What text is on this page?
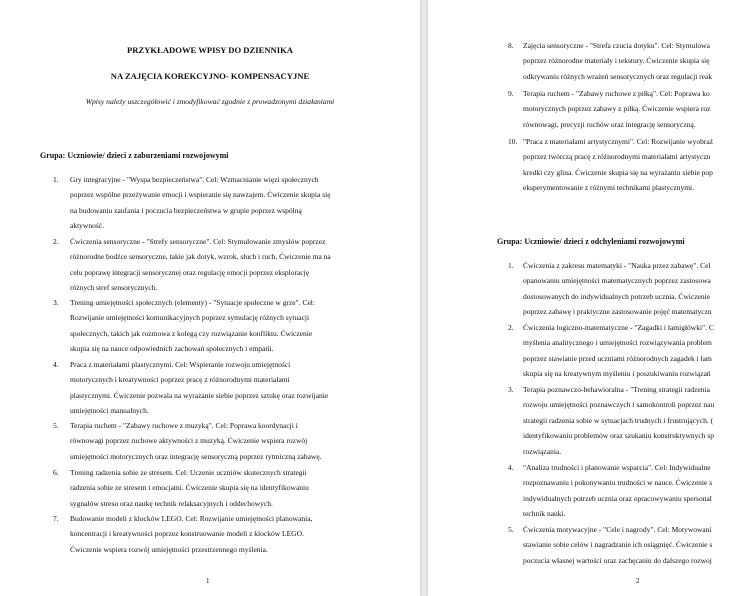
PRZYKŁADOWE WPISY DO DZIENNIKA
NA ZAJĘCIA KOREKCYJNO- KOMPENSACYJNE
Wpisy należy uszczegółowić i zmodyfikować zgodnie z prowadzonymi działaniami
Grupa: Uczniowie/ dzieci z zaburzeniami rozwojowymi
1. Gry integracyjne - "Wyspa bezpieczeństwa". Cel: Wzmacnianie więzi społecznych
poprzez wspólne przeżywanie emocji i wspieranie się nawzajem. Ćwiczenie skupia się
na budowaniu zaufania i poczucia bezpieczeństwa w grupie poprzez wspólną
aktywność.
2. Ćwiczenia sensoryczne - "Strefy sensoryczne". Cel: Stymulowanie zmysłów poprzez
różnorodne bodźce sensoryczne, takie jak dotyk, wzrok, słuch i ruch. Ćwiczenie ma na
celu poprawę integracji sensorycznej oraz regulację emocji poprzez eksplorację
różnych stref sensorycznych.
3. Trening umiejętności społecznych (elementy) - "Sytuacje społeczne w grze". Cel:
Rozwijanie umiejętności komunikacyjnych poprzez symulację różnych sytuacji
społecznych, takich jak rozmowa z kolegą czy rozwiązanie konfliktu. Ćwiczenie
skupia się na nauce odpowiednich zachowań społecznych i empatii.
4. Praca z materiałami plastycznymi. Cel: Wspieranie rozwoju umiejętności
motorycznych i kreatywności poprzez pracę z różnorodnymi materiałami
plastycznymi. Ćwiczenie pozwala na wyrażanie siebie poprzez sztukę oraz rozwijanie
umiejętności manualnych.
5. Terapia ruchem - "Zabawy ruchowe z muzyką". Cel: Poprawa koordynacji i
równowagi poprzez ruchowe aktywności z muzyką. Ćwiczenie wspiera rozwój
umiejętności motorycznych oraz integrację sensoryczną poprzez rytmiczną zabawę.
6. Trening radzenia sobie ze stresem. Cel: Uczenie uczniów skutecznych strategii
radzenia sobie ze stresem i emocjami. Ćwiczenie skupia się na identyfikowaniu
sygnałów stresu oraz naukę technik relaksacyjnych i oddechowych.
7. Budowanie modeli z klocków LEGO. Cel: Rozwijanie umiejętności planowania,
koncentracji i kreatywności poprzez konstruowanie modeli z klocków LEGO.
Ćwiczenie wspiera rozwój umiejętności przestrzennego myślenia.
1
8. Zajęcia sensoryczne - "Strefa czucia dotyku". Cel: Stymulowa
poprzez różnorodne materiały i tekstury. Ćwiczenie skupia się
odkrywaniu różnych wrażeń sensorycznych oraz regulacji reak
9. Terapia ruchem - "Zabawy ruchowe z piłką". Cel: Poprawa ko
motorycznych poprzez zabawy z piłką. Ćwiczenie wspiera roz
równowagi, precyzji ruchów oraz integrację sensoryczną.
10. "Praca z materiałami artystycznymi". Cel: Rozwijanie wyobraź
poprzez twórczą pracę z różnorodnymi materiałami artystyczn
kredki czy glina. Ćwiczenie skupia się na wyrażaniu siebie pop
eksperymentowanie z różnymi technikami plastycznymi.
Grupa: Uczniowie/ dzieci z odchyleniami rozwojowymi
1. Ćwiczenia z zakresu matematyki - "Nauka przez zabawę". Cel
opanowaniu umiejętności matematycznych poprzez zastosowa
dostosowanych do indywidualnych potrzeb ucznia. Ćwiczenie
poprzez zabawę i praktyczne zastosowanie pojęć matematyczn
2. Ćwiczenia logiczno-matematyczne - "Zagadki i łamigłówki". C
myślenia analitycznego i umiejętności rozwiązywania problem
poprzez stawianie przed uczniami różnorodnych zagadek i łam
skupia się na kreatywnym myśleniu i poszukiwaniu rozwiązań
3. Terapia poznawczo-behawioralna - "Trening strategii radzenia
rozwoju umiejętności poznawczych i samokontroli poprzez nau
strategii radzenia sobie w sytuacjach trudnych i frustrujących. (
identyfikowaniu problemów oraz szukaniu konstruktywnych sp
rozwiązania.
4. "Analiza trudności i planowanie wsparcia". Cel: Indywidualne
rozpoznawaniu i pokonywaniu trudności w nauce. Ćwiczenie s
indywidualnych potrzeb ucznia oraz opracowywaniu spersonal
technik nauki.
5. Ćwiczenia motywacyjne - "Cele i nagrody". Cel: Motywowani
stawianie sobie celów i nagradzanie ich osiągnięć. Ćwiczenie s
poczucia własnej wartości oraz zachęcaniu do dalszego rozwoj
2
